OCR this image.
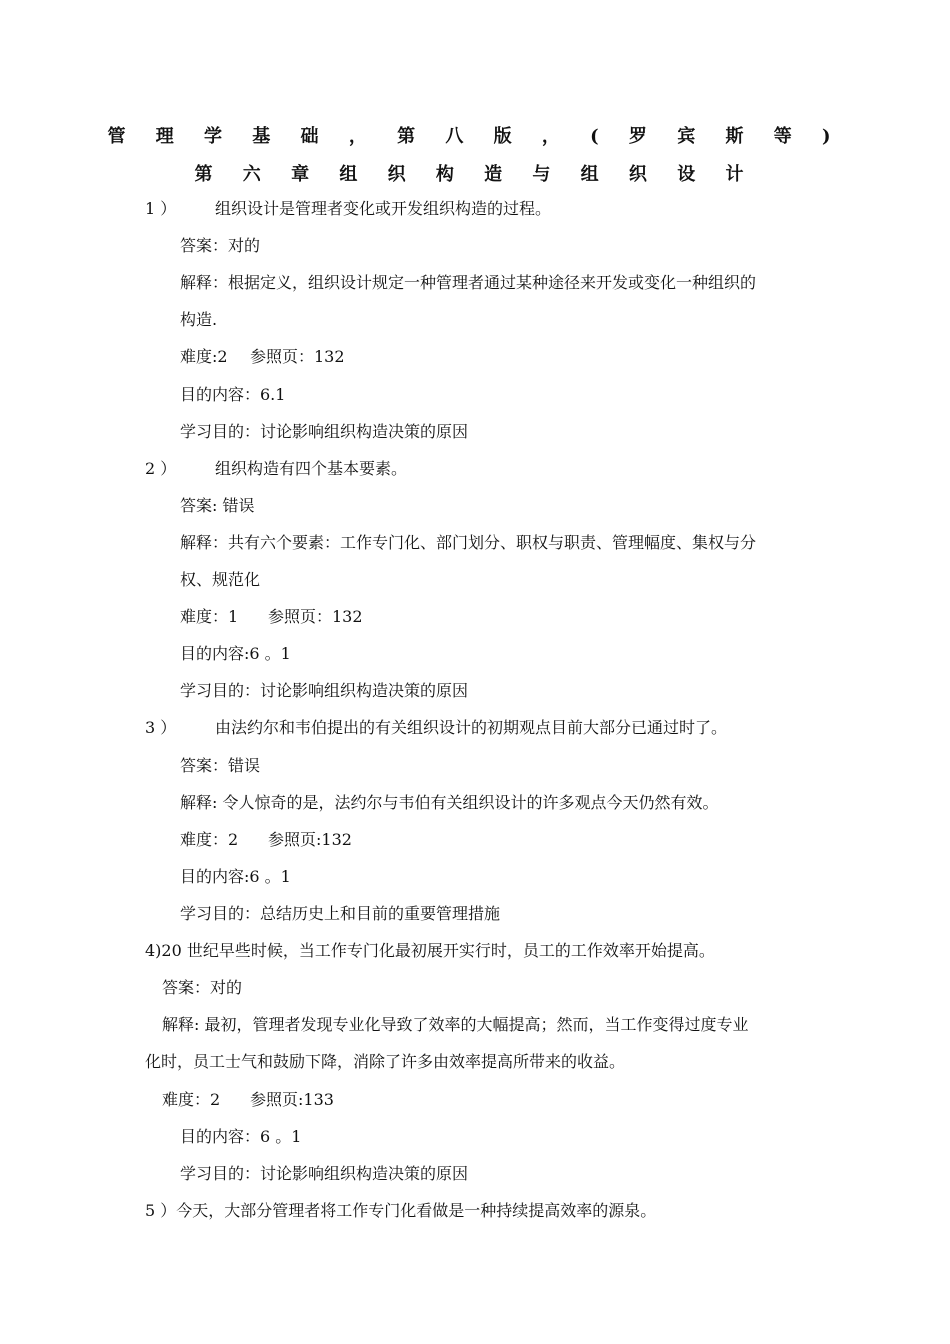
管 理 学 基 础 ， 第 八 版 ， ( 罗 宾 斯 等 )
第 六 章 组 织 构 造 与 组 织 设 计
1 ） 组织设计是管理者变化或开发组织构造的过程。
答案：对的
解释：根据定义，组织设计规定一种管理者通过某种途径来开发或变化一种组织的
构造.
难度:2 参照页：132
目的内容：6.1
学习目的：讨论影响组织构造决策的原因
2 ） 组织构造有四个基本要素。
答案: 错误
解释：共有六个要素：工作专门化、部门划分、职权与职责、管理幅度、集权与分
权、规范化
难度：1 参照页：132
目的内容:6 。1
学习目的：讨论影响组织构造决策的原因
3 ） 由法约尔和韦伯提出的有关组织设计的初期观点目前大部分已通过时了。
答案：错误
解释: 令人惊奇的是，法约尔与韦伯有关组织设计的许多观点今天仍然有效。
难度：2 参照页:132
目的内容:6 。1
学习目的：总结历史上和目前的重要管理措施
4)20 世纪早些时候，当工作专门化最初展开实行时，员工的工作效率开始提高。
答案：对的
解释: 最初，管理者发现专业化导致了效率的大幅提高；然而，当工作变得过度专业
化时，员工士气和鼓励下降，消除了许多由效率提高所带来的收益。
难度：2 参照页:133
目的内容：6 。1
学习目的：讨论影响组织构造决策的原因
5 ）今天，大部分管理者将工作专门化看做是一种持续提高效率的源泉。
